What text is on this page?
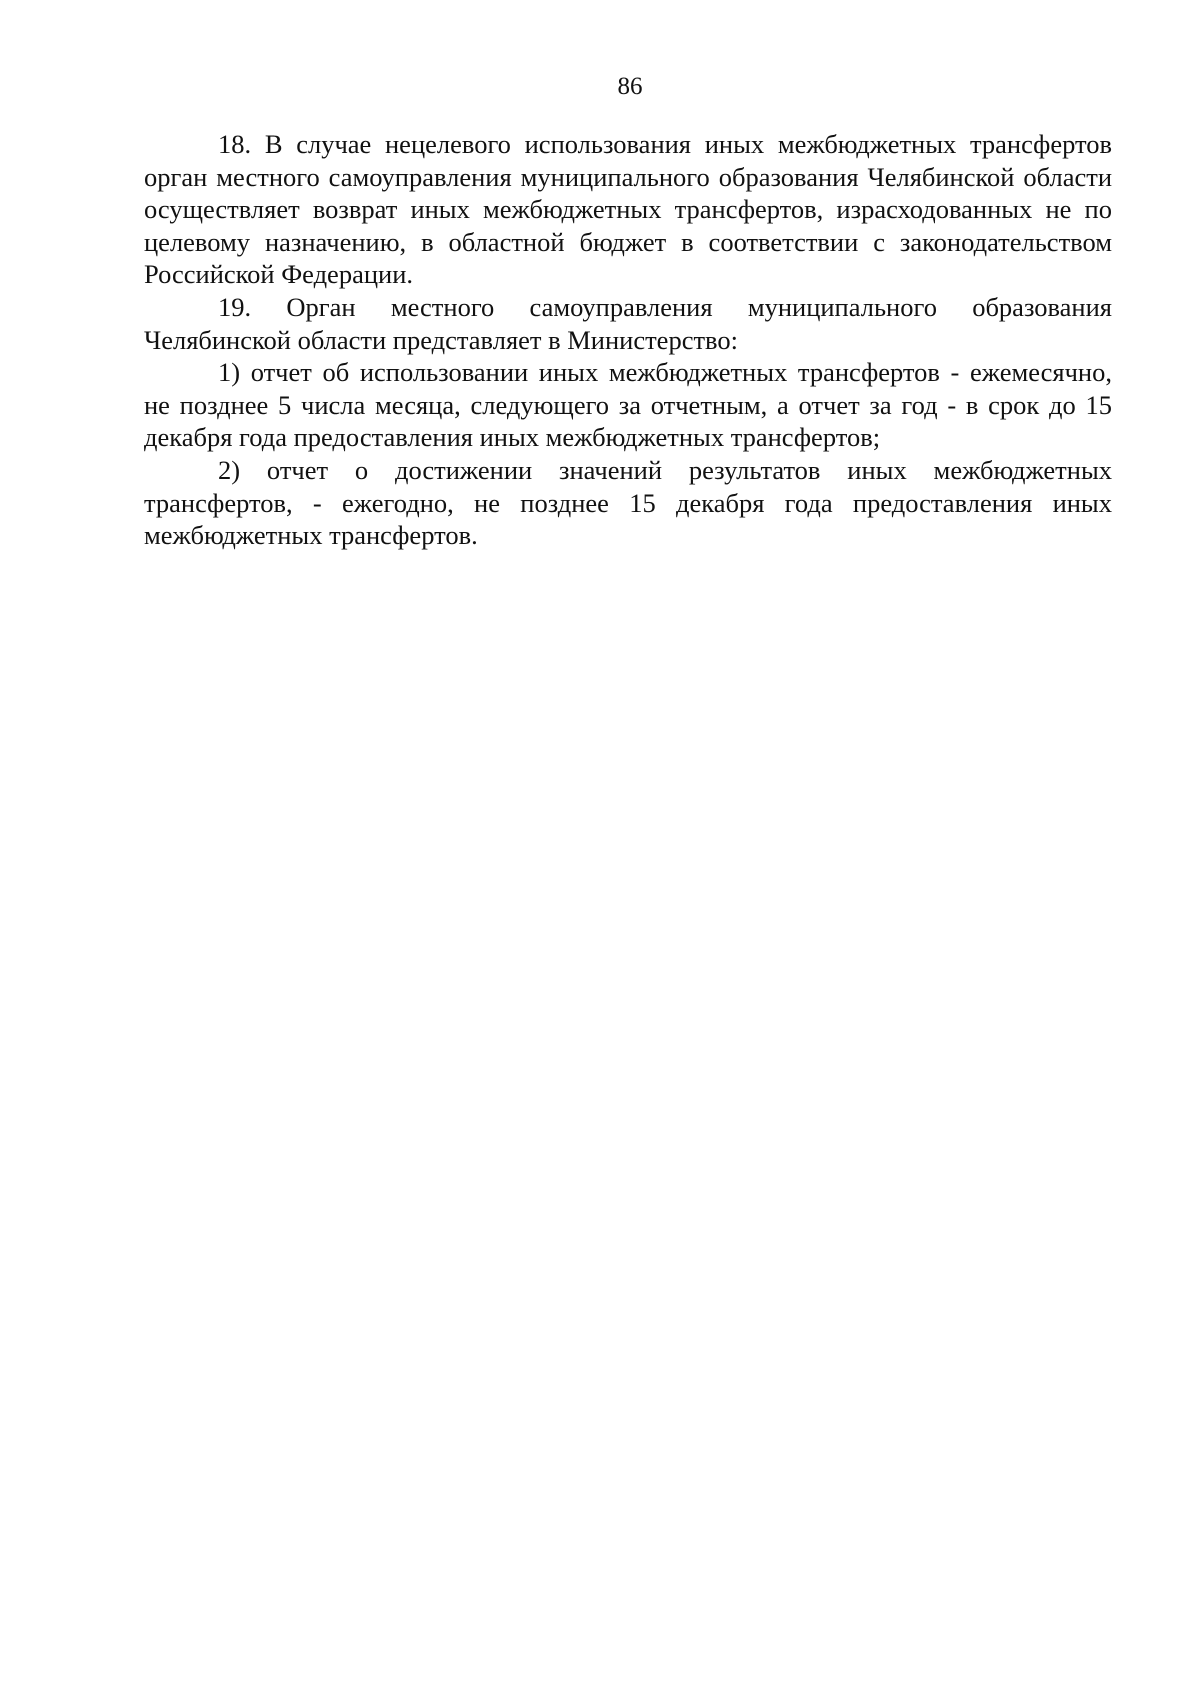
86

18. В случае нецелевого использования иных межбюджетных трансфертов орган местного самоуправления муниципального образования Челябинской области осуществляет возврат иных межбюджетных трансфертов, израсходованных не по целевому назначению, в областной бюджет в соответствии с законодательством Российской Федерации.

19. Орган местного самоуправления муниципального образования Челябинской области представляет в Министерство:

1) отчет об использовании иных межбюджетных трансфертов - ежемесячно, не позднее 5 числа месяца, следующего за отчетным, а отчет за год - в срок до 15 декабря года предоставления иных межбюджетных трансфертов;

2) отчет о достижении значений результатов иных межбюджетных трансфертов, - ежегодно, не позднее 15 декабря года предоставления иных межбюджетных трансфертов.
